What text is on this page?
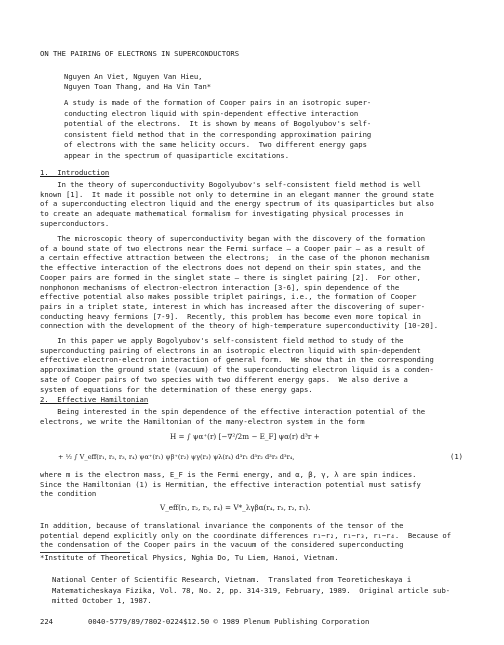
ON THE PAIRING OF ELECTRONS IN SUPERCONDUCTORS
Nguyen An Viet, Nguyen Van Hieu,
Nguyen Toan Thang, and Ha Vin Tan*
A study is made of the formation of Cooper pairs in an isotropic super-
conducting electron liquid with spin-dependent effective interaction
potential of the electrons.  It is shown by means of Bogolyubov's self-
consistent field method that in the corresponding approximation pairing
of electrons with the same helicity occurs.  Two different energy gaps
appear in the spectrum of quasiparticle excitations.
1.  Introduction
In the theory of superconductivity Bogolyubov's self-consistent field method is well
known [1].  It made it possible not only to determine in an elegant manner the ground state
of a superconducting electron liquid and the energy spectrum of its quasiparticles but also
to create an adequate mathematical formalism for investigating physical processes in
superconductors.
The microscopic theory of superconductivity began with the discovery of the formation
of a bound state of two electrons near the Fermi surface — a Cooper pair — as a result of
a certain effective attraction between the electrons;  in the case of the phonon mechanism
the effective interaction of the electrons does not depend on their spin states, and the
Cooper pairs are formed in the singlet state — there is singlet pairing [2].  For other,
nonphonon mechanisms of electron-electron interaction [3-6], spin dependence of the
effective potential also makes possible triplet pairings, i.e., the formation of Cooper
pairs in a triplet state, interest in which has increased after the discovering of super-
conducting heavy fermions [7-9].  Recently, this problem has become even more topical in
connection with the development of the theory of high-temperature superconductivity [10-20].
In this paper we apply Bogolyubov's self-consistent field method to study of the
superconducting pairing of electrons in an isotropic electron liquid with spin-dependent
effective electron-electron interaction of general form.  We show that in the corresponding
approximation the ground state (vacuum) of the superconducting electron liquid is a conden-
sate of Cooper pairs of two species with two different energy gaps.  We also derive a
system of equations for the determination of these energy gaps.
2.  Effective Hamiltonian
Being interested in the spin dependence of the effective interaction potential of the
electrons, we write the Hamiltonian of the many-electron system in the form
H = ∫ ψα⁺(r) [−∇²/2m − E_F] ψα(r) d³r +
+ ½ ∫ V_eff(r₁, r₂, r₃, r₄) ψα⁺(r₁) ψβ⁺(r₂) ψγ(r₃) ψλ(r₄) d³r₁ d³r₂ d³r₃ d³r₄,	(1)
where m is the electron mass, E_F is the Fermi energy, and α, β, γ, λ are spin indices.
Since the Hamiltonian (1) is Hermitian, the effective interaction potential must satisfy
the condition
V_eff(r₁, r₂, r₃, r₄) = V*_λγβα(r₄, r₃, r₂, r₁).
In addition, because of translational invariance the components of the tensor of the
potential depend explicitly only on the coordinate differences r₁−r₂, r₁−r₃, r₁−r₄.  Because of
the condensation of the Cooper pairs in the vacuum of the considered superconducting
*Institute of Theoretical Physics, Nghia Do, Tu Liem, Hanoi, Vietnam.
National Center of Scientific Research, Vietnam.  Translated from Teoreticheskaya i
Matematicheskaya Fizika, Vol. 78, No. 2, pp. 314-319, February, 1989.  Original article sub-
mitted October 1, 1987.
224	0040-5779/89/7802-0224$12.50 © 1989 Plenum Publishing Corporation
